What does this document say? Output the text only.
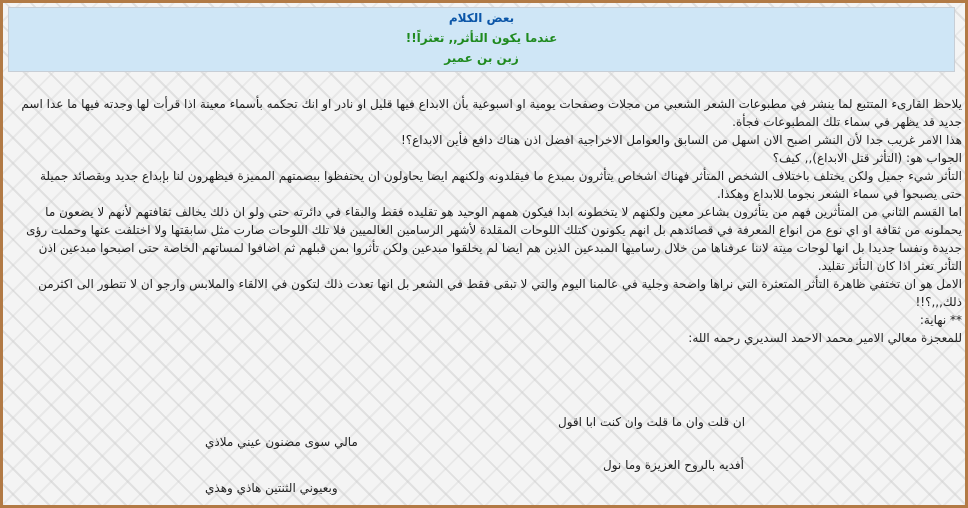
بعض الكلام
عندما يكون التأثر,, تعثراً!!
زبن بن عمير

يلاحظ القارىء المتتبع لما ينشر في مطبوعات الشعر الشعبي من مجلات وصفحات يومية او اسبوعية بأن الابداع فيها قليل او نادر او انك تحكمه بأسماء معينة اذا قرأت لها وجدته فيها ما عدا اسم جديد قد يظهر في سماء تلك المطبوعات فجأة.

هذا الامر غريب جدا لأن النشر اصبح الان اسهل من السابق والعوامل الاخراجية افضل اذن هناك دافع فأين الابداع؟!

الجواب هو: (التأثر قتل الابداع),, كيف؟

التأثر شيء جميل ولكن يختلف باختلاف الشخص المتأثر فهناك اشخاص يتأثرون بمبدع ما فيقلدونه ولكنهم ايضا يحاولون ان يحتفظوا ببصمتهم المميزة فيظهرون لنا بإبداع جديد وبقصائد جميلة حتى يصبحوا في سماء الشعر نجوما للابداع وهكذا.

اما القسم الثاني من المتأثرين فهم من يتأثرون بشاعر معين ولكنهم لا يتخطونه ابدا فيكون همهم الوحيد هو تقليده فقط والبقاء في دائرته حتى ولو ان ذلك يخالف ثقافتهم لأنهم لا يضعون ما يحملونه من ثقافة او اي نوع من انواع المعرفة في قصائدهم بل انهم يكونون كتلك اللوحات المقلدة لأشهر الرسامين العالميين فلا تلك اللوحات صارت مثل سابقتها ولا اختلفت عنها وحملت رؤى جديدة ونفسا جديدا بل انها لوحات ميتة لاننا عرفناها من خلال رساميها المبدعين الذين هم ايضا لم يخلقوا مبدعين ولكن تأثروا بمن قبلهم ثم اضافوا لمساتهم الخاصة حتى اصبحوا مبدعين اذن التأثر تعثر اذا كان التأثر تقليد.

الامل هو ان تختفي ظاهرة التأثر المتعثرة التي نراها واضحة وجلية في عالمنا اليوم والتي لا تبقى فقط في الشعر بل انها تعدت ذلك لتكون في الالقاء والملابس وارجو ان لا تتطور الى اكثرمن ذلك,,,؟!!

** نهاية:

للمعجزة معالي الامير محمد الاحمد السديري رحمه الله:

ان قلت وان ما قلت وان كنت ابا اقول
مالي سوى مضنون عيني ملاذي
أفديه بالروح العزيزة وما نول
وبعيوني الثنتين هاذي وهذي
